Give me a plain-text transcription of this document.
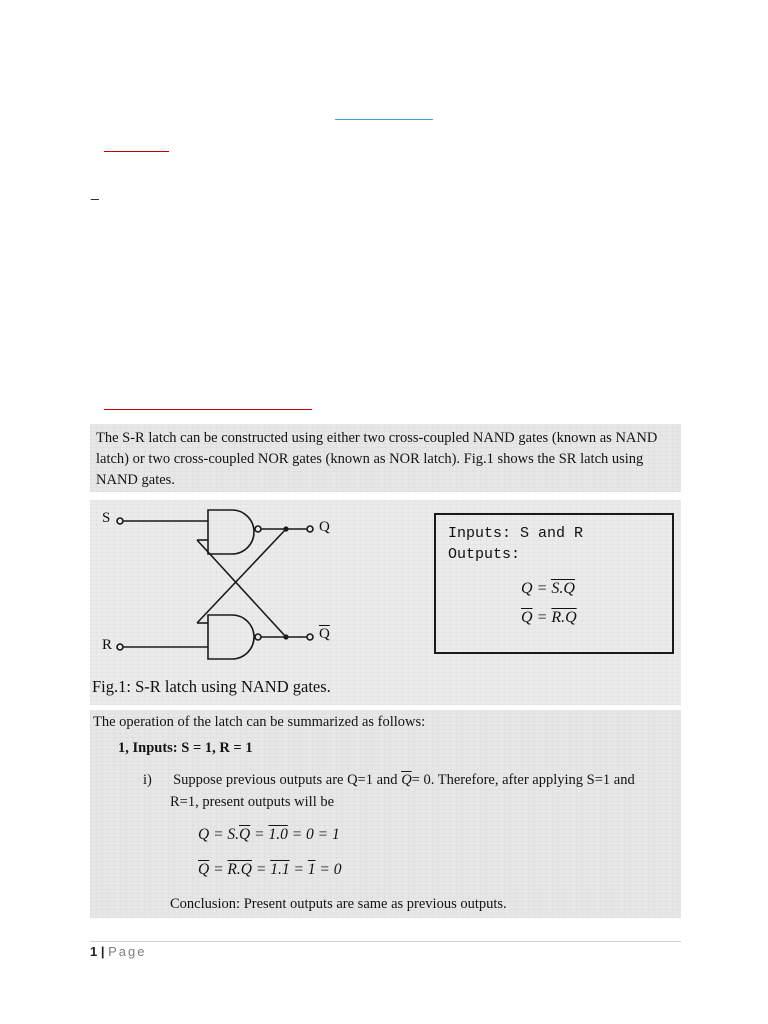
_
The S-R latch can be constructed using either two cross-coupled NAND gates (known as NAND latch) or two cross-coupled NOR gates (known as NOR latch). Fig.1 shows the SR latch using NAND gates.
S
R
Q
$\overline{Q}$
Inputs: S and R
Outputs:
Q = S.Q
$\overline{Q} = R.Q$
Fig.1: S-R latch using NAND gates.
The operation of the latch can be summarized as follows:
1, Inputs: S = 1, R = 1
i) Suppose previous outputs are Q=1 and $\overline{Q}= 0$. Therefore, after applying S=1 and
R=1, present outputs will be
$Q = S.\overline{Q} = 1.0 = 0 = 1$
$\overline{Q} = R.Q = 1.1 = 1 = 0$
Conclusion: Present outputs are same as previous outputs.
1 | Page
